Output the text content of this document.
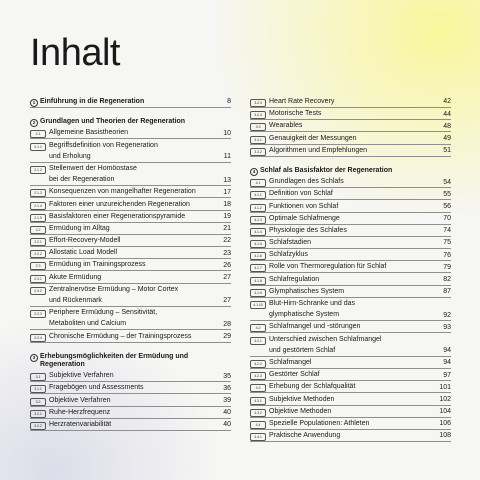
Inhalt
1 Einführung in die Regeneration	8
2 Grundlagen und Theorien der Regeneration
2.1	Allgemeine Basistheorien	10
2.1.1	Begriffsdefinition von Regeneration
und Erholung	11
2.1.2	Stellenwert der Homöostase
bei der Regeneration	13
2.1.3	Konsequenzen von mangelhafter Regeneration	17
2.1.4	Faktoren einer unzureichenden Regeneration	18
2.1.5	Basisfaktoren einer Regenerationspyramide	19
2.2	Ermüdung im Alltag	21
2.2.1	Effort-Recovery-Modell	22
2.2.2	Allostatic Load Modell	23
2.3	Ermüdung im Trainingsprozess	26
2.3.1	Akute Ermüdung	27
2.3.2	Zentralnervöse Ermüdung – Motor Cortex
und Rückenmark	27
2.3.3	Periphere Ermüdung – Sensitivität,
Metaboliten und Calcium	28
2.3.4	Chronische Ermüdung – der Trainingsprozess	29
3 Erhebungsmöglichkeiten der Ermüdung und Regeneration
3.1	Subjektive Verfahren	35
3.1.1	Fragebögen und Assessments	36
3.2	Objektive Verfahren	39
3.2.1	Ruhe-Herzfrequenz	40
3.2.2	Herzratenvariabilität	40
3.2.3	Heart Rate Recovery	42
3.2.4	Motorische Tests	44
3.3	Wearables	48
3.3.1	Genauigkeit der Messungen	49
3.3.2	Algorithmen und Empfehlungen	51
4 Schlaf als Basisfaktor der Regeneration
4.1	Grundlagen des Schlafs	54
4.1.1	Definition von Schlaf	55
4.1.2	Funktionen von Schlaf	56
4.1.3	Optimale Schlafmenge	70
4.1.4	Physiologie des Schlafes	74
4.1.5	Schlafstadien	75
4.1.6	Schlafzyklus	76
4.1.7	Rolle von Thermoregulation für Schlaf	79
4.1.8	Schlafregulation	82
4.1.9	Glymphatisches System	87
4.1.10 Blut-Hirn-Schranke und das
glymphatische System	92
4.2	Schlafmangel und -störungen	93
4.2.1	Unterschied zwischen Schlafmangel
und gestörtem Schlaf	94
4.2.2	Schlafmangel	94
4.2.3	Gestörter Schlaf	97
4.3	Erhebung der Schlafqualität	101
4.3.1	Subjektive Methoden	102
4.3.2	Objektive Methoden	104
4.4	Spezielle Populationen: Athleten	106
4.4.1	Praktische Anwendung	108
